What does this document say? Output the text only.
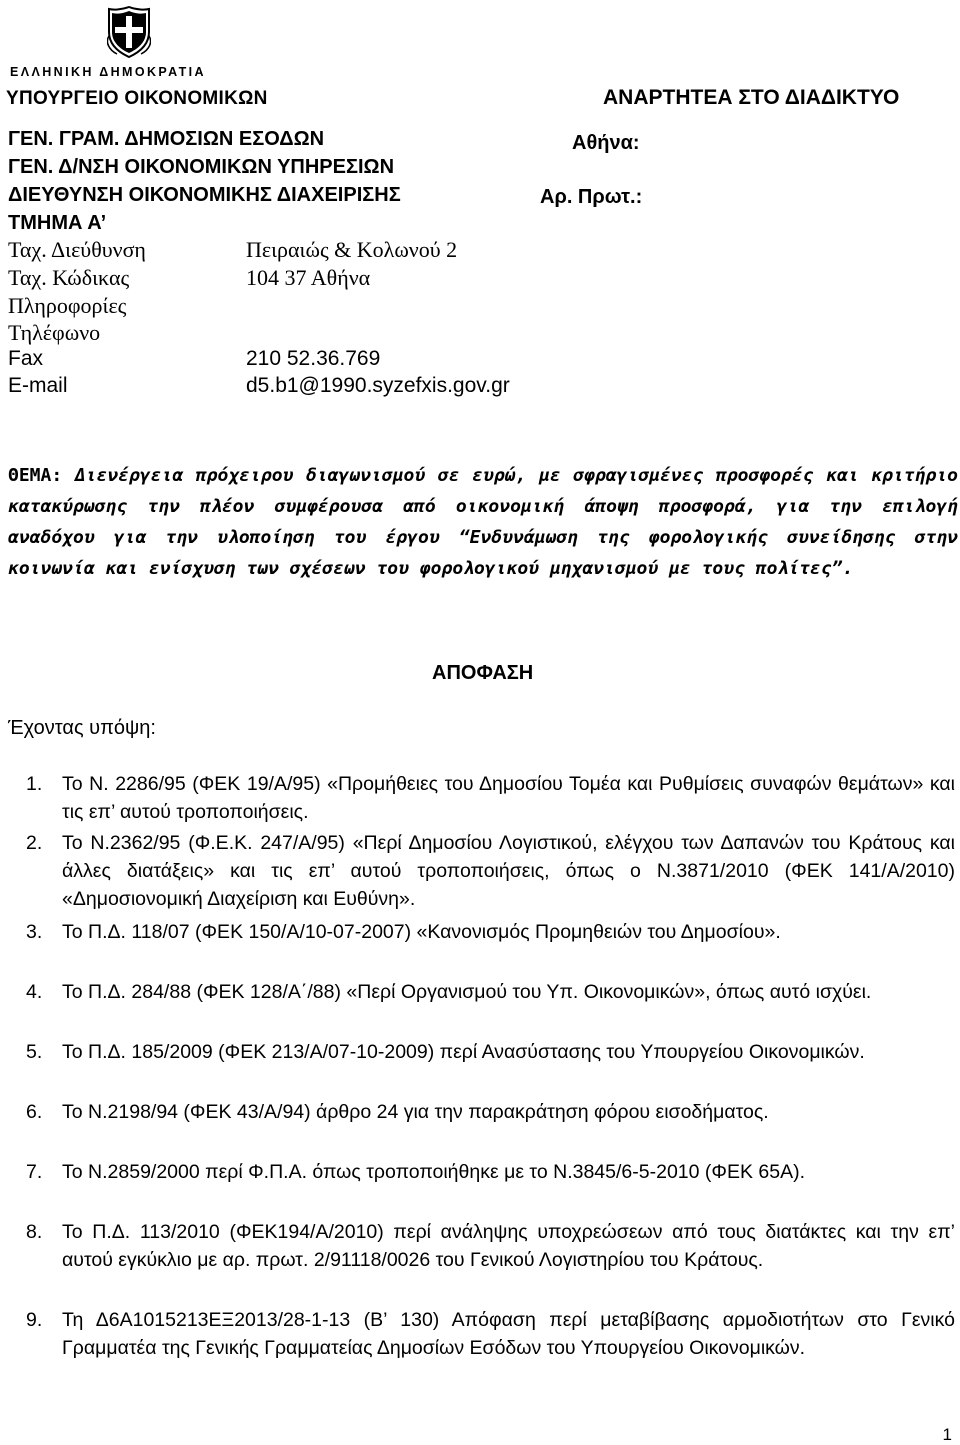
ΕΛΛΗΝΙΚΗ ΔΗΜΟΚΡΑΤΙΑ
ΥΠΟΥΡΓΕΙΟ ΟΙΚΟΝΟΜΙΚΩΝ	ΑΝΑΡΤΗΤΕΑ ΣΤΟ ΔΙΑΔΙΚΤΥΟ
ΓΕΝ. ΓΡΑΜ. ΔΗΜΟΣΙΩΝ ΕΣΟΔΩΝ
ΓΕΝ. Δ/ΝΣΗ ΟΙΚΟΝΟΜΙΚΩΝ ΥΠΗΡΕΣΙΩΝ
ΔΙΕΥΘΥΝΣΗ ΟΙΚΟΝΟΜΙΚΗΣ ΔΙΑΧΕΙΡΙΣΗΣ
ΤΜΗΜΑ Α’
Αθήνα:
Αρ. Πρωτ.:
Ταχ. Διεύθυνση	Πειραιώς & Κολωνού 2
Ταχ. Κώδικας	104 37 Αθήνα
Πληροφορίες
Τηλέφωνο
Fax	210 52.36.769
E-mail	d5.b1@1990.syzefxis.gov.gr
ΘΕΜΑ: Διενέργεια πρόχειρου διαγωνισμού σε ευρώ, με σφραγισμένες προσφορές και κριτήριο κατακύρωσης την πλέον συμφέρουσα από οικονομική άποψη προσφορά, για την επιλογή αναδόχου για την υλοποίηση του έργου “Ενδυνάμωση της φορολογικής συνείδησης στην κοινωνία και ενίσχυση των σχέσεων του φορολογικού μηχανισμού με τους πολίτες”.
ΑΠΟΦΑΣΗ
Έχοντας υπόψη:
1. Το Ν. 2286/95 (ΦΕΚ 19/Α/95) «Προμήθειες του Δημοσίου Τομέα και Ρυθμίσεις συναφών θεμάτων» και τις επ’ αυτού τροποποιήσεις.
2. Το Ν.2362/95 (Φ.Ε.Κ. 247/Α/95) «Περί Δημοσίου Λογιστικού, ελέγχου των Δαπανών του Κράτους και άλλες διατάξεις» και τις επ’ αυτού τροποποιήσεις, όπως ο Ν.3871/2010 (ΦΕΚ 141/Α/2010) «Δημοσιονομική Διαχείριση και Ευθύνη».
3. Το Π.Δ. 118/07 (ΦΕΚ 150/Α/10-07-2007) «Κανονισμός Προμηθειών του Δημοσίου».
4. Το Π.Δ. 284/88 (ΦΕΚ 128/Α΄/88) «Περί Οργανισμού του Υπ. Οικονομικών», όπως αυτό ισχύει.
5. Το Π.Δ. 185/2009 (ΦΕΚ 213/Α/07-10-2009) περί Ανασύστασης του Υπουργείου Οικονομικών.
6. Το Ν.2198/94 (ΦΕΚ 43/Α/94) άρθρο 24 για την παρακράτηση φόρου εισοδήματος.
7. Το Ν.2859/2000 περί Φ.Π.Α. όπως τροποποιήθηκε με το Ν.3845/6-5-2010 (ΦΕΚ 65Α).
8. Το Π.Δ. 113/2010 (ΦΕΚ194/Α/2010) περί ανάληψης υποχρεώσεων από τους διατάκτες και την επ’ αυτού εγκύκλιο με αρ. πρωτ. 2/91118/0026 του Γενικού Λογιστηρίου του Κράτους.
9. Τη Δ6Α1015213ΕΞ2013/28-1-13 (Β’ 130) Απόφαση περί μεταβίβασης αρμοδιοτήτων στο Γενικό Γραμματέα της Γενικής Γραμματείας Δημοσίων Εσόδων του Υπουργείου Οικονομικών.
1
